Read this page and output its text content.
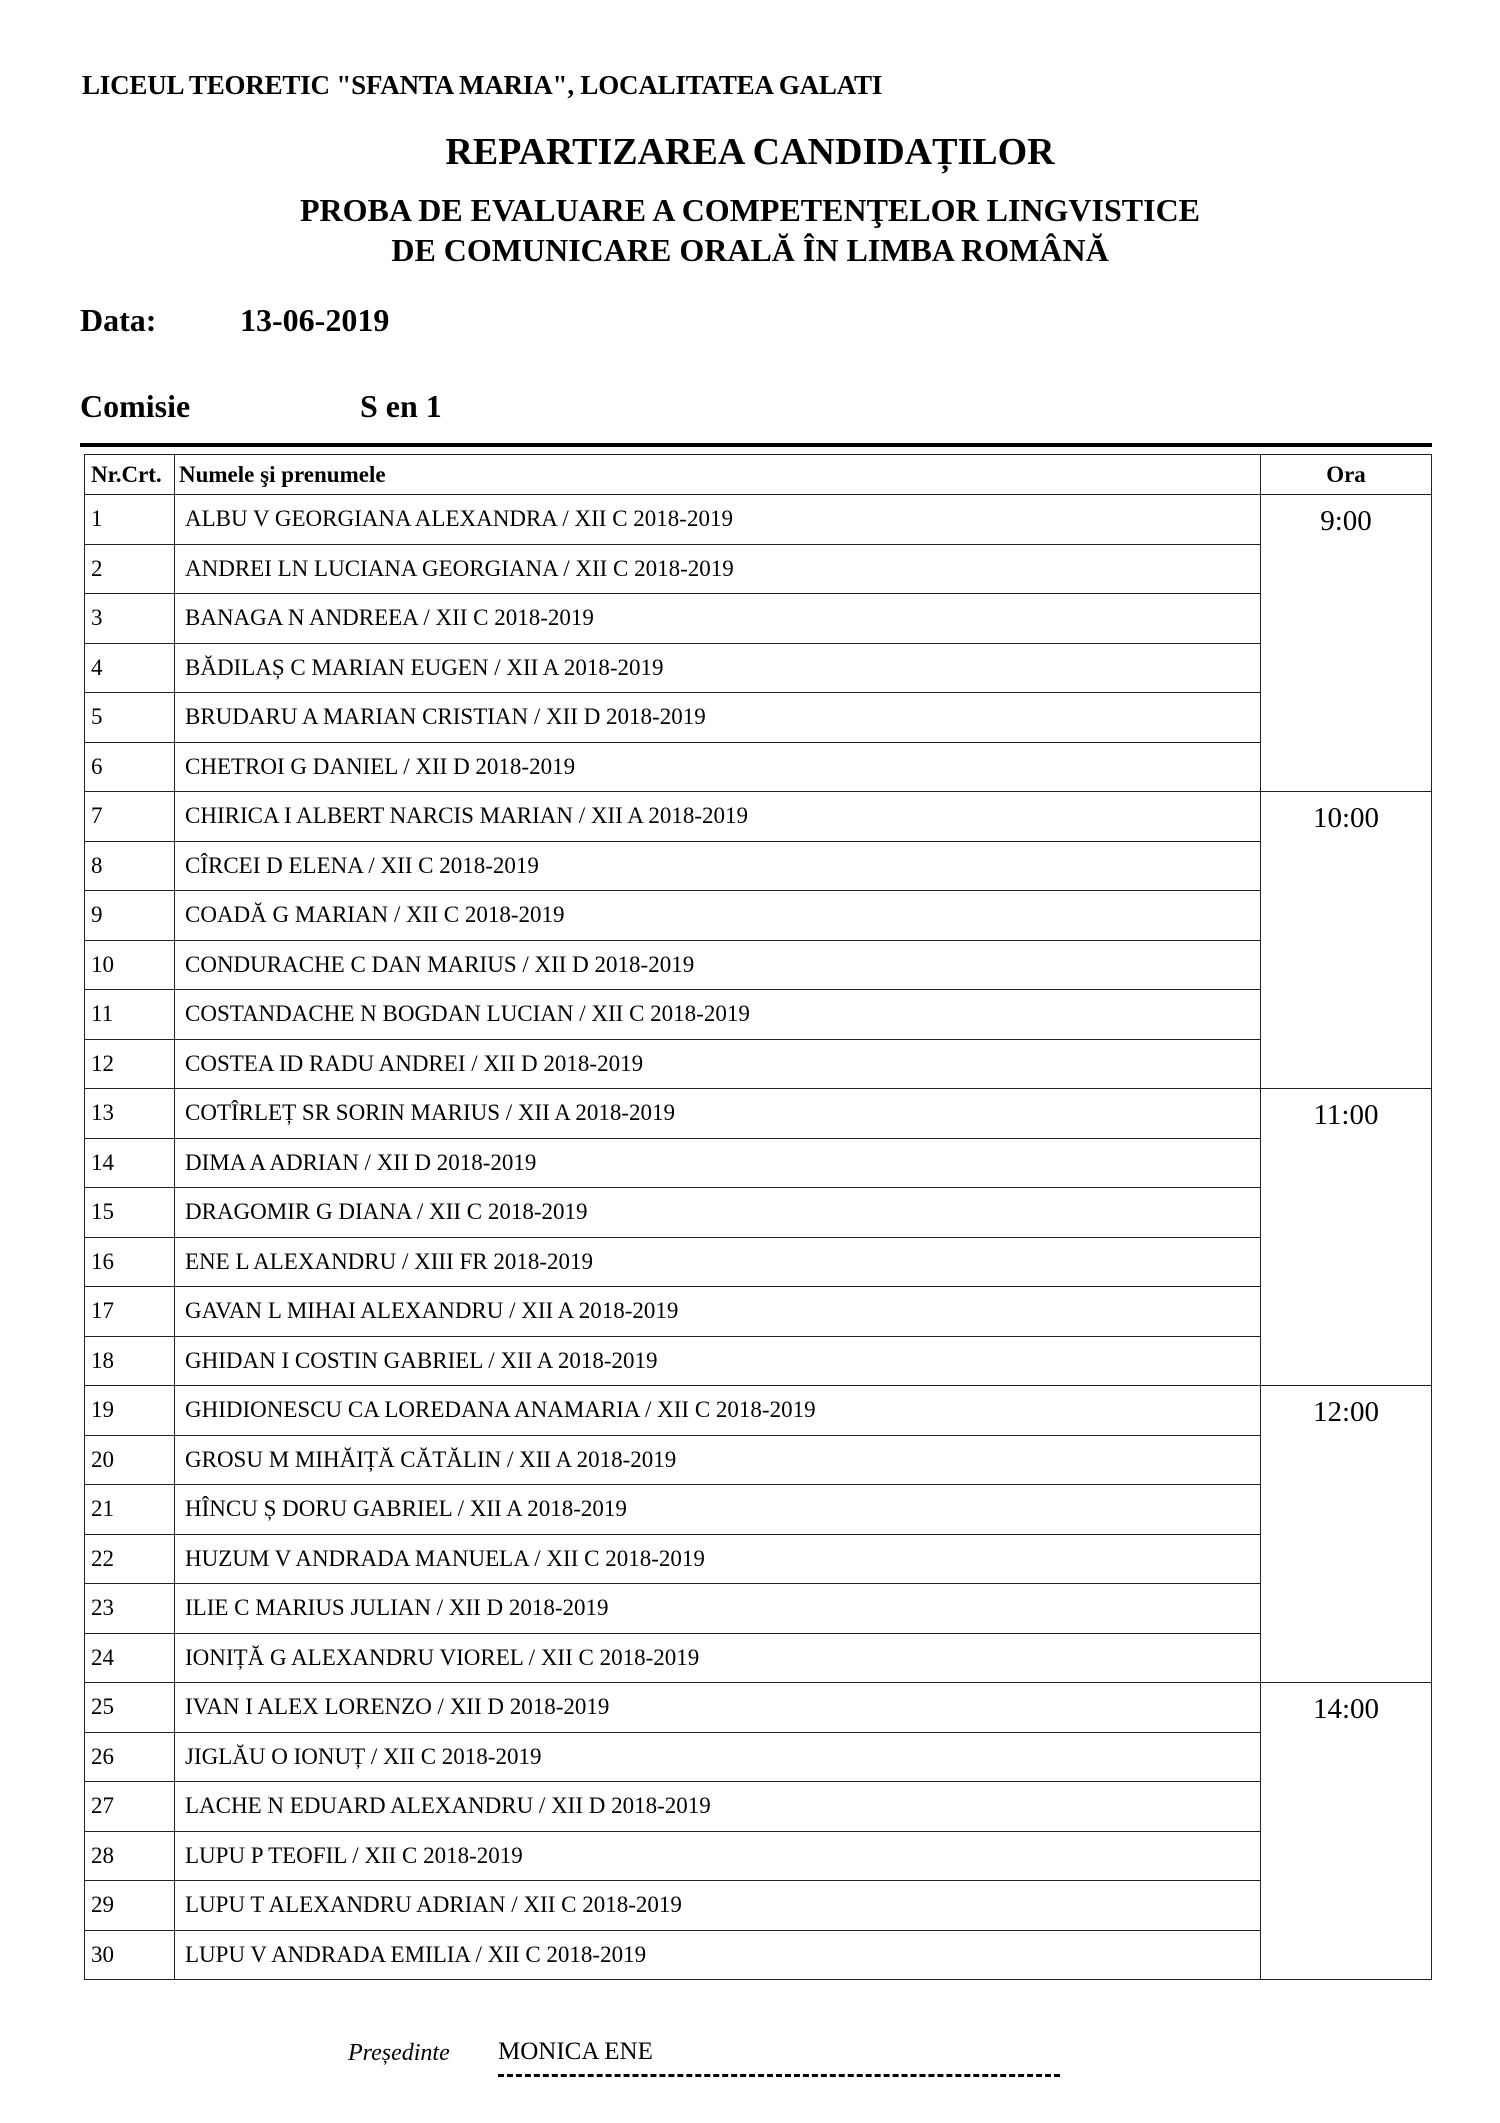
LICEUL TEORETIC "SFANTA MARIA", LOCALITATEA GALATI
REPARTIZAREA CANDIDAȚILOR
PROBA DE EVALUARE A COMPETENŢELOR LINGVISTICE
DE COMUNICARE ORALĂ ÎN LIMBA ROMÂNĂ
Data:	13-06-2019
Comisie	S en 1
Nr.Crt.	Numele şi prenumele	Ora
1	ALBU V GEORGIANA ALEXANDRA / XII C 2018-2019	9:00
2	ANDREI LN LUCIANA GEORGIANA / XII C 2018-2019	
3	BANAGA N ANDREEA / XII C 2018-2019	
4	BĂDILAȘ C MARIAN EUGEN / XII A 2018-2019	
5	BRUDARU A MARIAN CRISTIAN / XII D 2018-2019	
6	CHETROI G DANIEL / XII D 2018-2019	
7	CHIRICA I ALBERT NARCIS MARIAN / XII A 2018-2019	10:00
8	CÎRCEI D ELENA / XII C 2018-2019	
9	COADĂ G MARIAN / XII C 2018-2019	
10	CONDURACHE C DAN MARIUS / XII D 2018-2019	
11	COSTANDACHE N BOGDAN LUCIAN / XII C 2018-2019	
12	COSTEA ID RADU ANDREI / XII D 2018-2019	
13	COTÎRLEȚ SR SORIN MARIUS / XII A 2018-2019	11:00
14	DIMA A ADRIAN / XII D 2018-2019	
15	DRAGOMIR G DIANA / XII C 2018-2019	
16	ENE L ALEXANDRU / XIII FR 2018-2019	
17	GAVAN L MIHAI ALEXANDRU / XII A 2018-2019	
18	GHIDAN I COSTIN GABRIEL / XII A 2018-2019	
19	GHIDIONESCU CA LOREDANA ANAMARIA / XII C 2018-2019	12:00
20	GROSU M MIHĂIȚĂ CĂTĂLIN / XII A 2018-2019	
21	HÎNCU Ș DORU GABRIEL / XII A 2018-2019	
22	HUZUM V ANDRADA MANUELA / XII C 2018-2019	
23	ILIE C MARIUS JULIAN / XII D 2018-2019	
24	IONIȚĂ G ALEXANDRU VIOREL / XII C 2018-2019	
25	IVAN I ALEX LORENZO / XII D 2018-2019	14:00
26	JIGLĂU O IONUȚ / XII C 2018-2019	
27	LACHE N EDUARD ALEXANDRU / XII D 2018-2019	
28	LUPU P TEOFIL / XII C 2018-2019	
29	LUPU T ALEXANDRU ADRIAN / XII C 2018-2019	
30	LUPU V ANDRADA EMILIA / XII C 2018-2019	
Președinte MONICA ENE
